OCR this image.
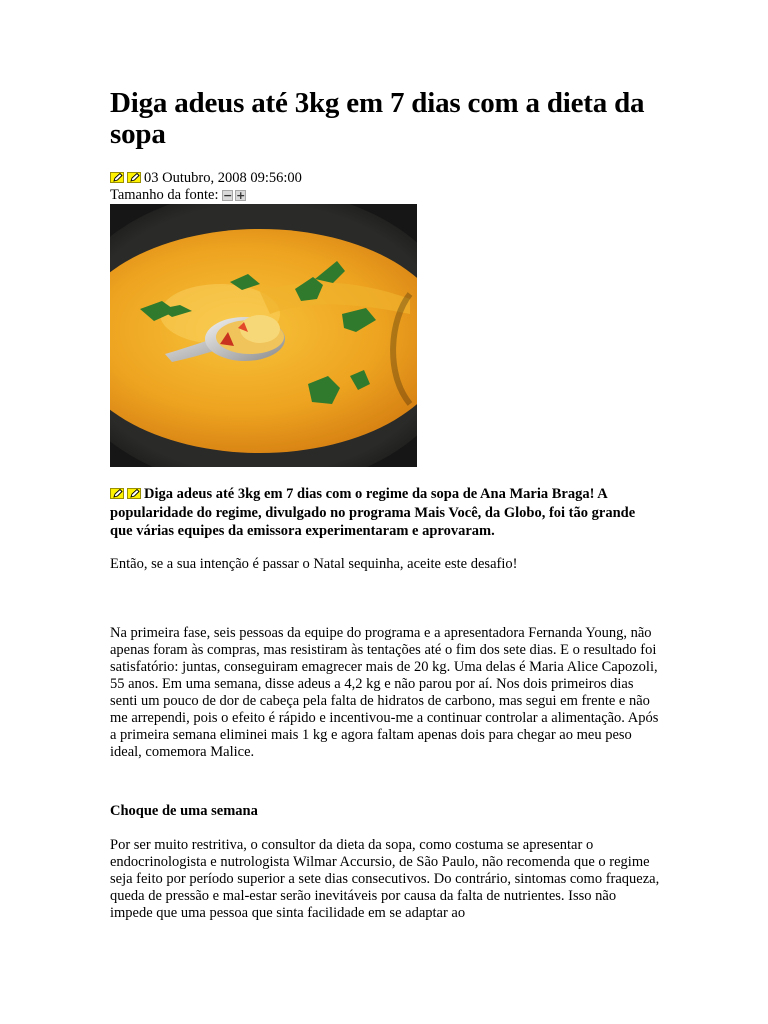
Diga adeus até 3kg em 7 dias com a dieta da sopa
03 Outubro, 2008 09:56:00
Tamanho da fonte: − +
Diga adeus até 3kg em 7 dias com o regime da sopa de Ana Maria Braga! A popularidade do regime, divulgado no programa Mais Você, da Globo, foi tão grande que várias equipes da emissora experimentaram e aprovaram.

Então, se a sua intenção é passar o Natal sequinha, aceite este desafio!

Na primeira fase, seis pessoas da equipe do programa e a apresentadora Fernanda Young, não apenas foram às compras, mas resistiram às tentações até o fim dos sete dias. E o resultado foi satisfatório: juntas, conseguiram emagrecer mais de 20 kg. Uma delas é Maria Alice Capozoli, 55 anos. Em uma semana, disse adeus a 4,2 kg e não parou por aí. Nos dois primeiros dias senti um pouco de dor de cabeça pela falta de hidratos de carbono, mas segui em frente e não me arrependi, pois o efeito é rápido e incentivou-me a continuar controlar a alimentação. Após a primeira semana eliminei mais 1 kg e agora faltam apenas dois para chegar ao meu peso ideal, comemora Malice.

Choque de uma semana

Por ser muito restritiva, o consultor da dieta da sopa, como costuma se apresentar o endocrinologista e nutrologista Wilmar Accursio, de São Paulo, não recomenda que o regime seja feito por período superior a sete dias consecutivos. Do contrário, sintomas como fraqueza, queda de pressão e mal-estar serão inevitáveis por causa da falta de nutrientes. Isso não impede que uma pessoa que sinta facilidade em se adaptar ao
